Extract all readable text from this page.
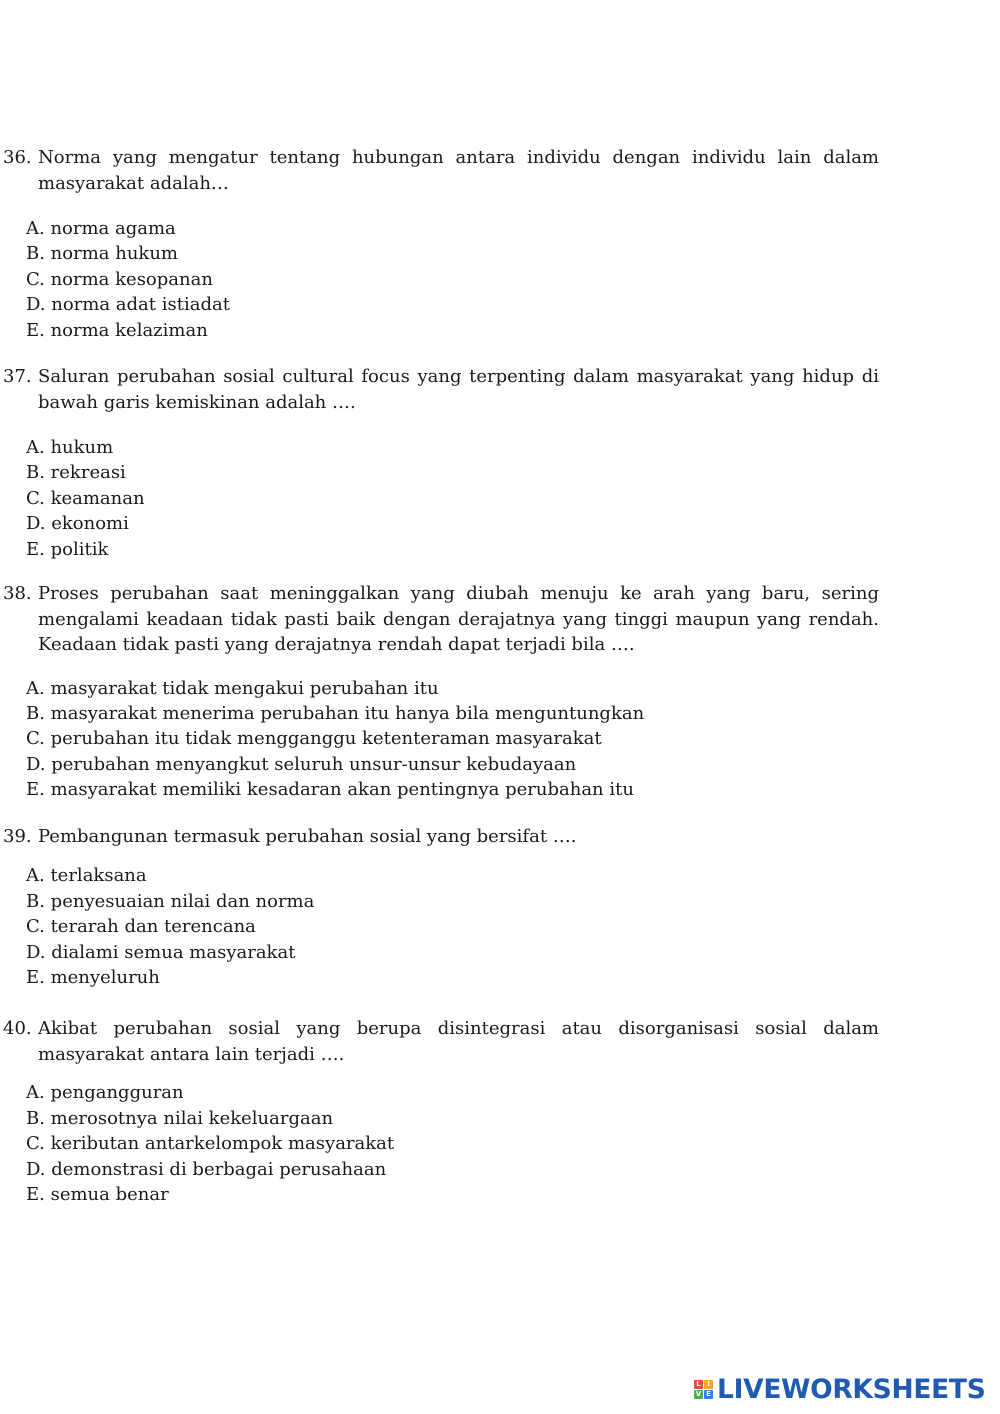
36. Norma yang mengatur tentang hubungan antara individu dengan individu lain dalam masyarakat adalah…

A. norma agama
B. norma hukum
C. norma kesopanan
D. norma adat istiadat
E. norma kelaziman

37. Saluran perubahan sosial cultural focus yang terpenting dalam masyarakat yang hidup di bawah garis kemiskinan adalah ….

A. hukum
B. rekreasi
C. keamanan
D. ekonomi
E. politik

38. Proses perubahan saat meninggalkan yang diubah menuju ke arah yang baru, sering mengalami keadaan tidak pasti baik dengan derajatnya yang tinggi maupun yang rendah. Keadaan tidak pasti yang derajatnya rendah dapat terjadi bila ….

A. masyarakat tidak mengakui perubahan itu
B. masyarakat menerima perubahan itu hanya bila menguntungkan
C. perubahan itu tidak mengganggu ketenteraman masyarakat
D. perubahan menyangkut seluruh unsur-unsur kebudayaan
E. masyarakat memiliki kesadaran akan pentingnya perubahan itu

39. Pembangunan termasuk perubahan sosial yang bersifat ….

A. terlaksana
B. penyesuaian nilai dan norma
C. terarah dan terencana
D. dialami semua masyarakat
E. menyeluruh

40. Akibat perubahan sosial yang berupa disintegrasi atau disorganisasi sosial dalam masyarakat antara lain terjadi ….

A. pengangguran
B. merosotnya nilai kekeluargaan
C. keributan antarkelompok masyarakat
D. demonstrasi di berbagai perusahaan
E. semua benar
L I
V E LIVEWORKSHEETS
